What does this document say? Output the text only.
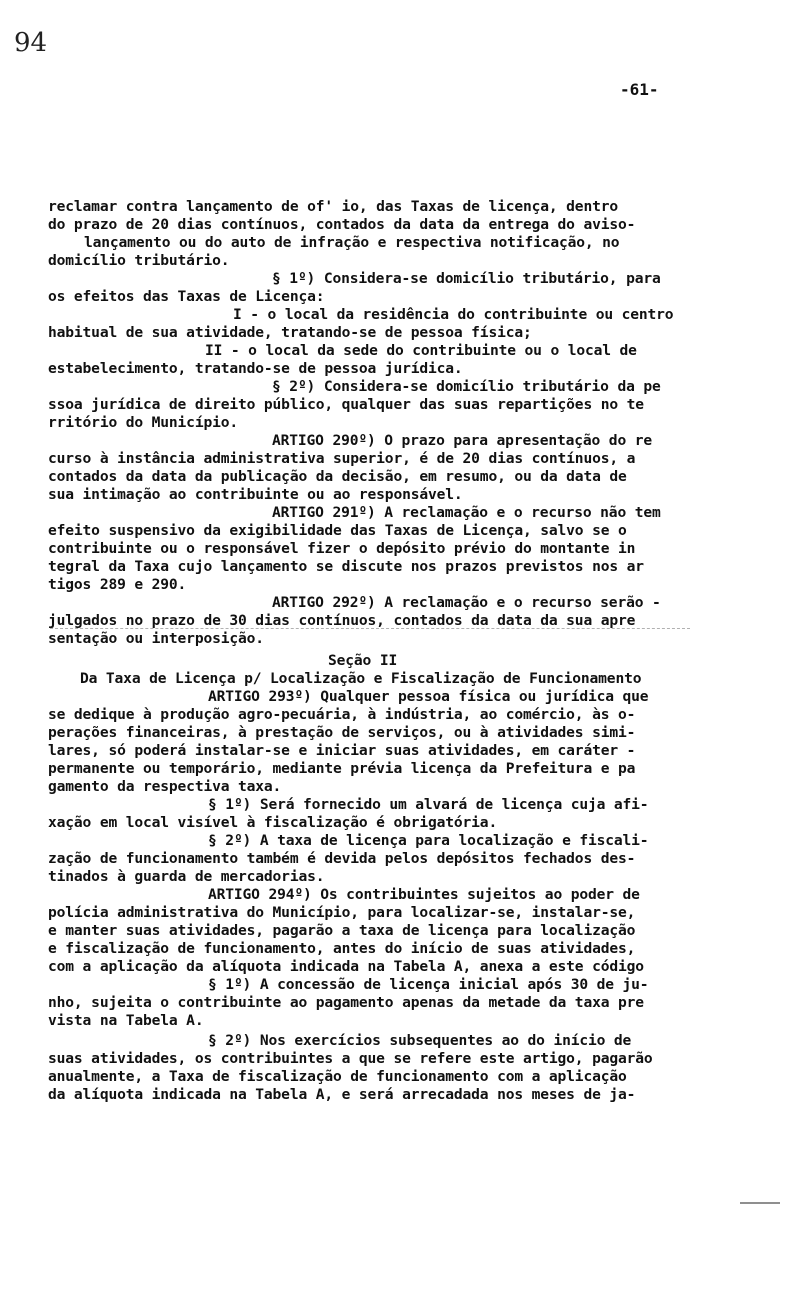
94
-61-
reclamar contra lançamento de of' io, das Taxas de licença, dentro
do prazo de 20 dias contínuos, contados da data da entrega do aviso-
lançamento ou do auto de infração e respectiva notificação, no
domicílio tributário.
§ 1º) Considera-se domicílio tributário, para
os efeitos das Taxas de Licença:
I - o local da residência do contribuinte ou centro
habitual de sua atividade, tratando-se de pessoa física;
II - o local da sede do contribuinte ou o local de
estabelecimento, tratando-se de pessoa jurídica.
§ 2º) Considera-se domicílio tributário da pe
ssoa jurídica de direito público, qualquer das suas repartições no te
rritório do Município.
ARTIGO 290º) O prazo para apresentação do re
curso à instância administrativa superior, é de 20 dias contínuos, a
contados da data da publicação da decisão, em resumo, ou da data de
sua intimação ao contribuinte ou ao responsável.
ARTIGO 291º) A reclamação e o recurso não tem
efeito suspensivo da exigibilidade das Taxas de Licença, salvo se o
contribuinte ou o responsável fizer o depósito prévio do montante in
tegral da Taxa cujo lançamento se discute nos prazos previstos nos ar
tigos 289 e 290.
ARTIGO 292º) A reclamação e o recurso serão -
julgados no prazo de 30 dias contínuos, contados da data da sua apre
sentação ou interposição.
Seção II
Da Taxa de Licença p/ Localização e Fiscalização de Funcionamento
ARTIGO 293º) Qualquer pessoa física ou jurídica que
se dedique à produção agro-pecuária, à indústria, ao comércio, às o-
perações financeiras, à prestação de serviços, ou à atividades simi-
lares, só poderá instalar-se e iniciar suas atividades, em caráter -
permanente ou temporário, mediante prévia licença da Prefeitura e pa
gamento da respectiva taxa.
§ 1º) Será fornecido um alvará de licença cuja afi-
xação em local visível à fiscalização é obrigatória.
§ 2º) A taxa de licença para localização e fiscali-
zação de funcionamento também é devida pelos depósitos fechados des-
tinados à guarda de mercadorias.
ARTIGO 294º) Os contribuintes sujeitos ao poder de
polícia administrativa do Município, para localizar-se, instalar-se,
e manter suas atividades, pagarão a taxa de licença para localização
e fiscalização de funcionamento, antes do início de suas atividades,
com a aplicação da alíquota indicada na Tabela A, anexa a este código
§ 1º) A concessão de licença inicial após 30 de ju-
nho, sujeita o contribuinte ao pagamento apenas da metade da taxa pre
vista na Tabela A.
§ 2º) Nos exercícios subsequentes ao do início de
suas atividades, os contribuintes a que se refere este artigo, pagarão
anualmente, a Taxa de fiscalização de funcionamento com a aplicação
da alíquota indicada na Tabela A, e será arrecadada nos meses de ja-
